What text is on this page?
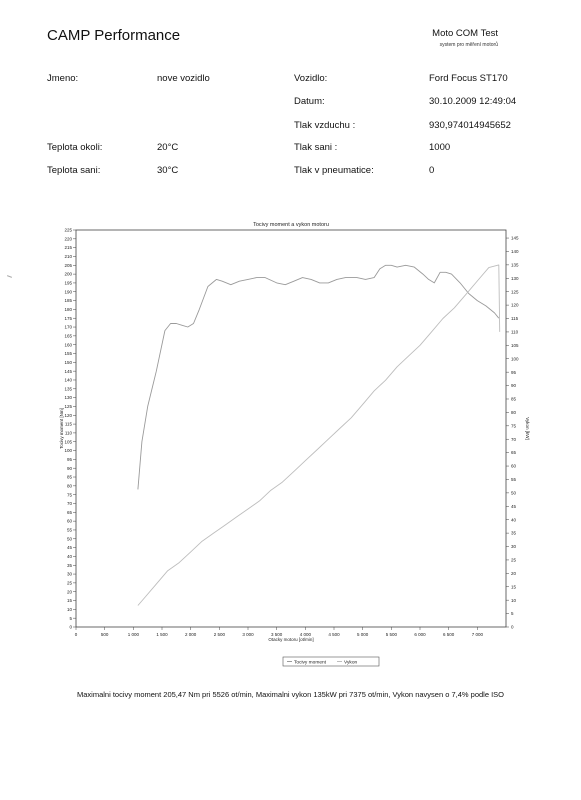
CAMP Performance	Moto COM Test
system pro měření motorů
Jmeno:	nove vozidlo	Vozidlo:	Ford Focus ST170
Datum:	30.10.2009 12:49:04
Tlak vzduchu :	930,974014945652
Teplota okoli:	20°C	Tlak sani :	1000
Teplota sani:	30°C	Tlak v pneumatice:	0
Tocivy moment a vykon motoru
0
5
10
15
20
25
30
35
40
45
50
55
60
65
70
75
80
85
90
95
100
105
110
115
120
125
130
135
140
145
150
155
160
165
170
175
180
185
190
195
200
205
210
215
220
225
0
5
10
15
20
25
30
35
40
45
50
55
60
65
70
75
80
85
90
95
100
105
110
115
120
125
130
135
140
145
0	500	1 000	1 500	2 000	2 500	3 000	3 500	4 000	4 500	5 000	5 500	6 000	6 500	7 000
Otacky motoru [ot/min]
Tocivy moment [Nm]	Vykon [kW]
Tocivy moment	Vykon
Maximalni tocivy moment 205,47 Nm pri 5526 ot/min, Maximalni vykon 135kW pri 7375 ot/min, Vykon navysen o 7,4% podle ISO
